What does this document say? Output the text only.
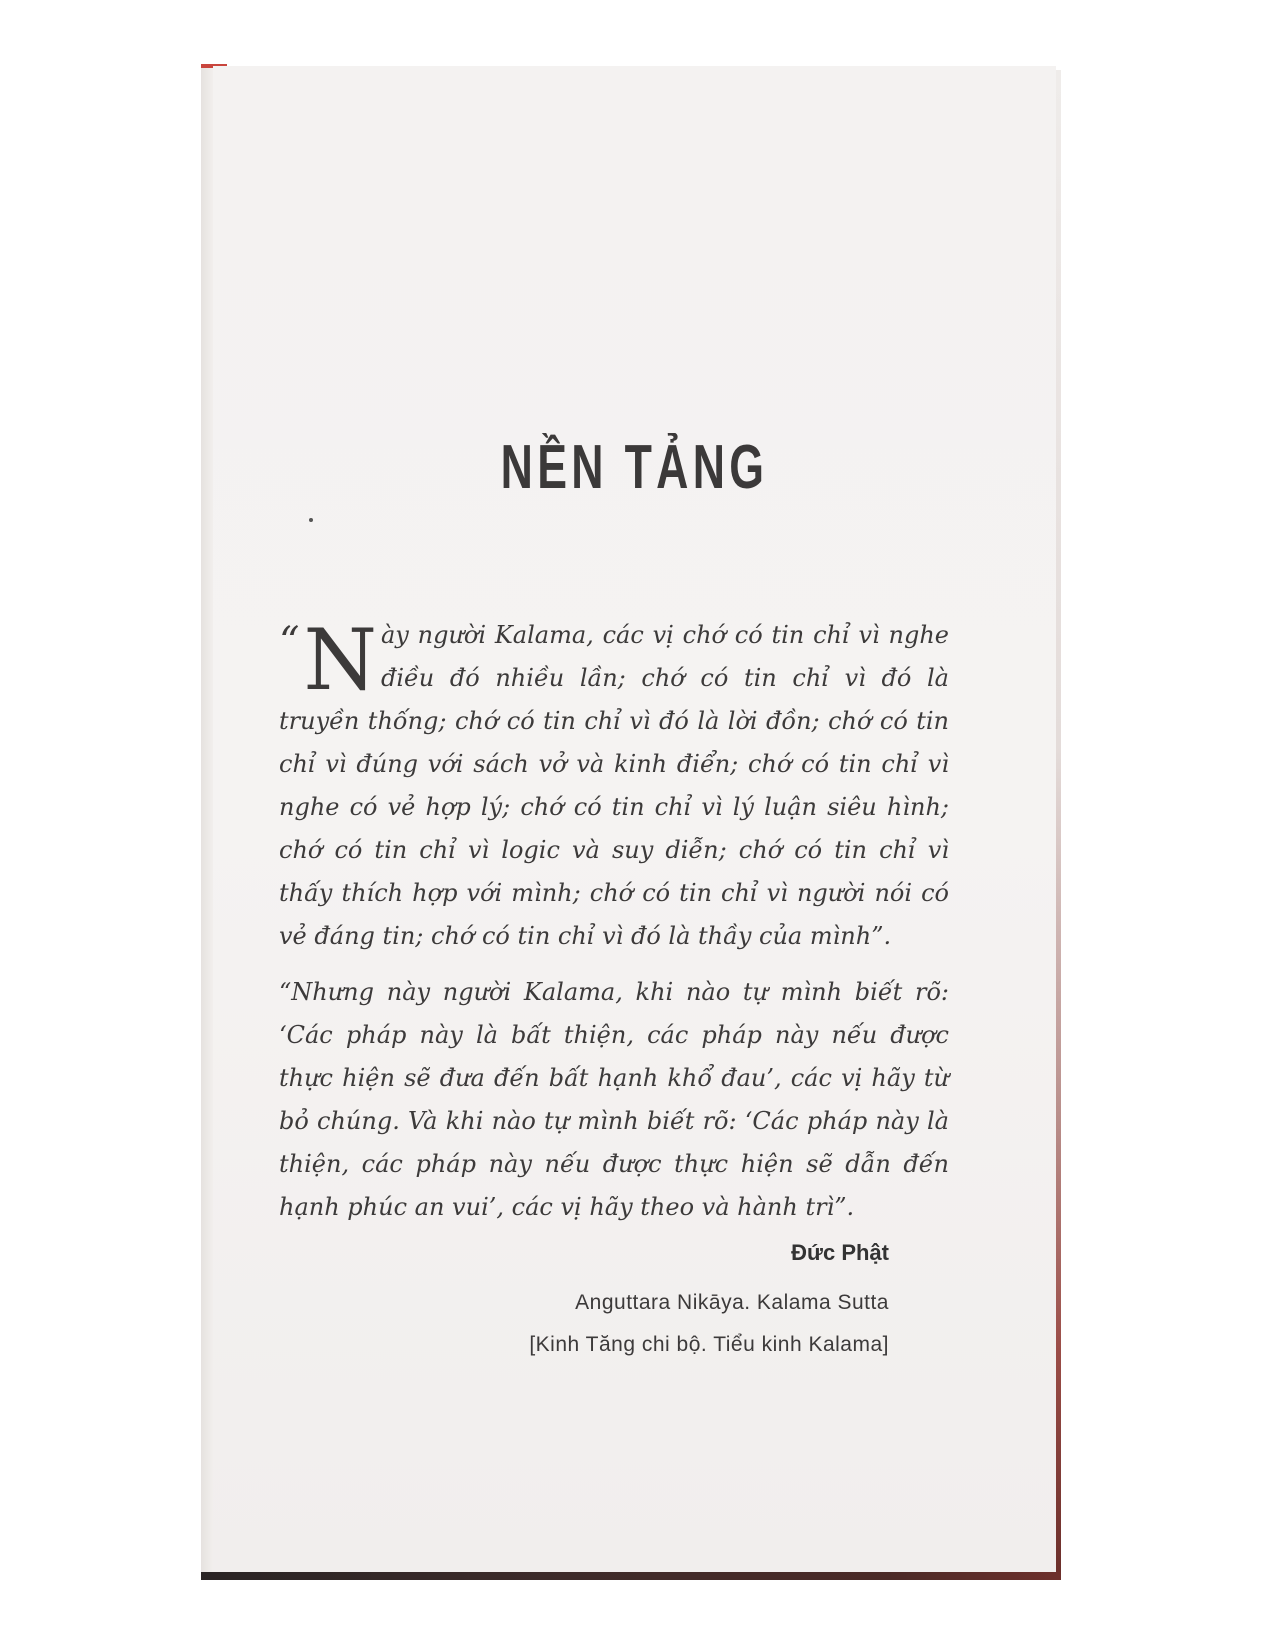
NỀN TẢNG
“ N ày người Kalama, các vị chớ có tin chỉ vì nghe điều đó nhiều lần; chớ có tin chỉ vì đó là truyền thống; chớ có tin chỉ vì đó là lời đồn; chớ có tin chỉ vì đúng với sách vở và kinh điển; chớ có tin chỉ vì nghe có vẻ hợp lý; chớ có tin chỉ vì lý luận siêu hình; chớ có tin chỉ vì logic và suy diễn; chớ có tin chỉ vì thấy thích hợp với mình; chớ có tin chỉ vì người nói có vẻ đáng tin; chớ có tin chỉ vì đó là thầy của mình”.
“Nhưng này người Kalama, khi nào tự mình biết rõ: ‘Các pháp này là bất thiện, các pháp này nếu được thực hiện sẽ đưa đến bất hạnh khổ đau’, các vị hãy từ bỏ chúng. Và khi nào tự mình biết rõ: ‘Các pháp này là thiện, các pháp này nếu được thực hiện sẽ dẫn đến hạnh phúc an vui’, các vị hãy theo và hành trì”.
Đức Phật
Anguttara Nikāya. Kalama Sutta
[Kinh Tăng chi bộ. Tiểu kinh Kalama]
